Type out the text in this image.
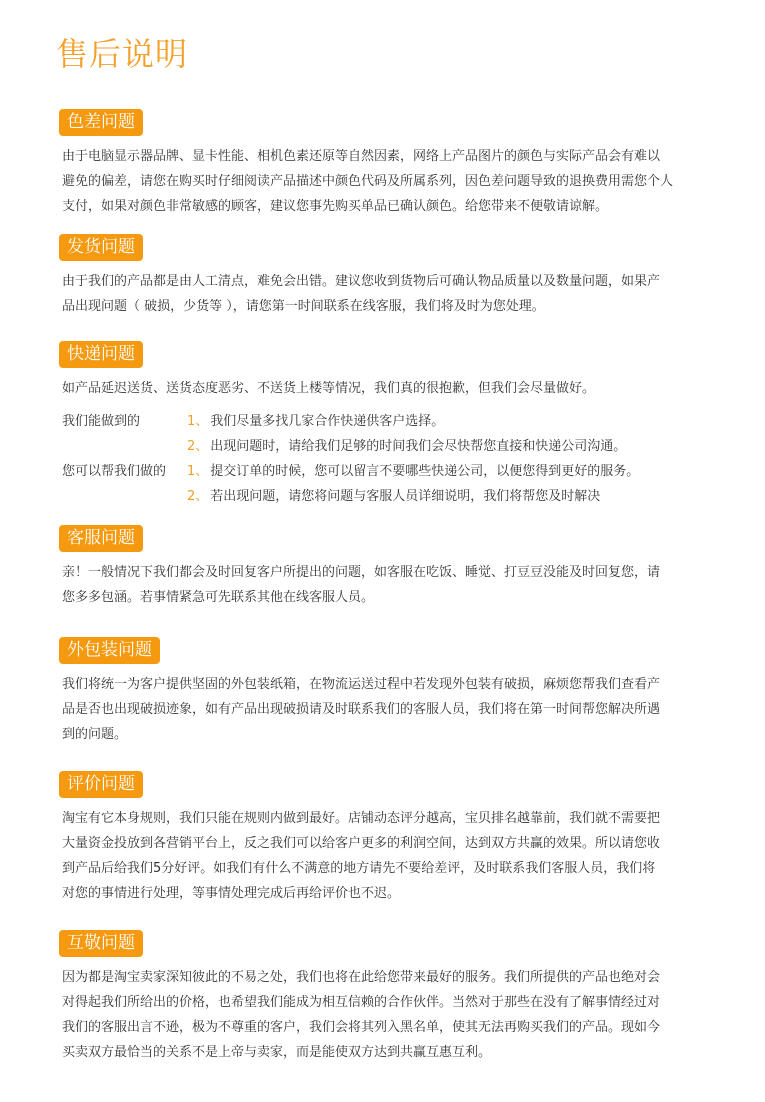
售后说明
色差问题

由于电脑显示器品牌、显卡性能、相机色素还原等自然因素，网络上产品图片的颜色与实际产品会有难以

避免的偏差，请您在购买时仔细阅读产品描述中颜色代码及所属系列，因色差问题导致的退换费用需您个人

支付，如果对颜色非常敏感的顾客，建议您事先购买单品已确认颜色。给您带来不便敬请谅解。

发货问题

由于我们的产品都是由人工清点，难免会出错。建议您收到货物后可确认物品质量以及数量问题，如果产

品出现问题（ 破损，少货等 ），请您第一时间联系在线客服，我们将及时为您处理。

快递问题

如产品延迟送货、送货态度恶劣、不送货上楼等情况，我们真的很抱歉，但我们会尽量做好。

我们能做到的	1、 我们尽量多找几家合作快递供客户选择。
2、 出现问题时，请给我们足够的时间我们会尽快帮您直接和快递公司沟通。
您可以帮我们做的	1、 提交订单的时候，您可以留言不要哪些快递公司，以便您得到更好的服务。
2、 若出现问题，请您将问题与客服人员详细说明，我们将帮您及时解决
客服问题

亲！一般情况下我们都会及时回复客户所提出的问题，如客服在吃饭、睡觉、打豆豆没能及时回复您，请

您多多包涵。若事情紧急可先联系其他在线客服人员。

外包装问题

我们将统一为客户提供坚固的外包装纸箱，在物流运送过程中若发现外包装有破损，麻烦您帮我们查看产

品是否也出现破损迹象，如有产品出现破损请及时联系我们的客服人员，我们将在第一时间帮您解决所遇

到的问题。

评价问题

淘宝有它本身规则，我们只能在规则内做到最好。店铺动态评分越高，宝贝排名越靠前，我们就不需要把

大量资金投放到各营销平台上，反之我们可以给客户更多的利润空间，达到双方共赢的效果。所以请您收

到产品后给我们5分好评。如我们有什么不满意的地方请先不要给差评，及时联系我们客服人员，我们将

对您的事情进行处理，等事情处理完成后再给评价也不迟。

互敬问题

因为都是淘宝卖家深知彼此的不易之处，我们也将在此给您带来最好的服务。我们所提供的产品也绝对会

对得起我们所给出的价格，也希望我们能成为相互信赖的合作伙伴。当然对于那些在没有了解事情经过对

我们的客服出言不逊，极为不尊重的客户，我们会将其列入黑名单，使其无法再购买我们的产品。现如今

买卖双方最恰当的关系不是上帝与卖家，而是能使双方达到共赢互惠互利。
